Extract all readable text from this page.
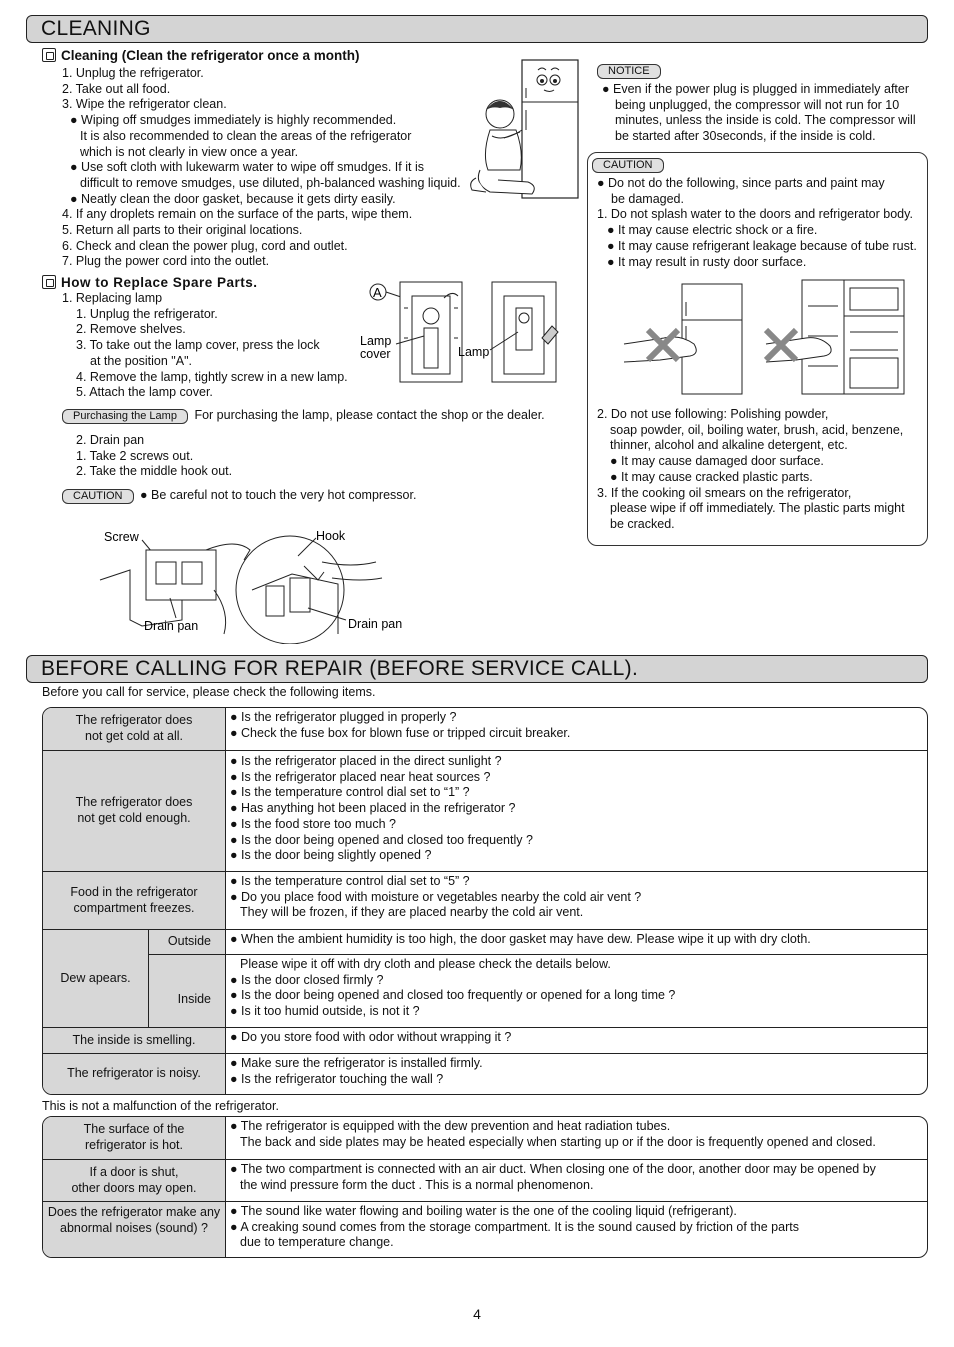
CLEANING
Cleaning (Clean the refrigerator once a month)
1. Unplug the refrigerator.
2. Take out all food.
3. Wipe the refrigerator clean.
● Wiping off smudges immediately is highly recommended.
It is also recommended to clean the areas of the refrigerator
which is not clearly in view once a year.
● Use soft cloth with lukewarm water to wipe off smudges. If it is
difficult to remove smudges, use diluted, ph-balanced washing liquid.
● Neatly clean the door gasket, because it gets dirty easily.
4. If any droplets remain on the surface of the parts, wipe them.
5. Return all parts to their original locations.
6. Check and clean the power plug, cord and outlet.
7. Plug the power cord into the outlet.
How to Replace Spare Parts.
1. Replacing lamp
1. Unplug the refrigerator.
2. Remove shelves.
3. To take out the lamp cover, press the lock
at the position "A".
4. Remove the lamp, tightly screw in a new lamp.
5. Attach the lamp cover.
A
Lamp
cover	Lamp
Purchasing the Lamp For purchasing the lamp, please contact the shop or the dealer.
2. Drain pan
1. Take 2 screws out.
2. Take the middle hook out.
CAUTION ● Be careful not to touch the very hot compressor.
Screw
Drain pan
Hook
Drain pan
NOTICE
● Even if the power plug is plugged in immediately after
being unplugged, the compressor will not run for 10
minutes, unless the inside is cold. The compressor will
be started after 30seconds, if the inside is cold.
CAUTION
● Do not do the following, since parts and paint may
be damaged.
1. Do not splash water to the doors and refrigerator body.
● It may cause electric shock or a fire.
● It may cause refrigerant leakage because of tube rust.
● It may result in rusty door surface.
2. Do not use following: Polishing powder,
soap powder, oil, boiling water, brush, acid, benzene,
thinner, alcohol and alkaline detergent, etc.
● It may cause damaged door surface.
● It may cause cracked plastic parts.
3. If the cooking oil smears on the refrigerator,
please wipe if off immediately. The plastic parts might
be cracked.
BEFORE CALLING FOR REPAIR (BEFORE SERVICE CALL).
Before you call for service, please check the following items.
The refrigerator does
not get cold at all.
● Is the refrigerator plugged in properly ?
● Check the fuse box for blown fuse or tripped circuit breaker.
The refrigerator does
not get cold enough.
● Is the refrigerator placed in the direct sunlight ?
● Is the refrigerator placed near heat sources ?
● Is the temperature control dial set to “1” ?
● Has anything hot been placed in the refrigerator ?
● Is the food store too much ?
● Is the door being opened and closed too frequently ?
● Is the door being slightly opened ?
Food in the refrigerator
compartment freezes.
● Is the temperature control dial set to “5” ?
● Do you place food with moisture or vegetables nearby the cold air vent ?
They will be frozen, if they are placed nearby the cold air vent.
Dew apears.
Outside
Inside
● When the ambient humidity is too high, the door gasket may have dew. Please wipe it up with dry cloth.
Please wipe it off with dry cloth and please check the details below.
● Is the door closed firmly ?
● Is the door being opened and closed too frequently or opened for a long time ?
● Is it too humid outside, is not it ?
The inside is smelling.	● Do you store food with odor without wrapping it ?
The refrigerator is noisy.
● Make sure the refrigerator is installed firmly.
● Is the refrigerator touching the wall ?
This is not a malfunction of the refrigerator.
The surface of the
refrigerator is hot.
● The refrigerator is equipped with the dew prevention and heat radiation tubes.
The back and side plates may be heated especially when starting up or if the door is frequently opened and closed.
If a door is shut,
other doors may open.
● The two compartment is connected with an air duct. When closing one of the door, another door may be opened by
the wind pressure form the duct . This is a normal phenomenon.
Does the refrigerator make any
abnormal noises (sound) ?
● The sound like water flowing and boiling water is the one of the cooling liquid (refrigerant).
● A creaking sound comes from the storage compartment. It is the sound caused by friction of the parts
due to temperature change.
4
